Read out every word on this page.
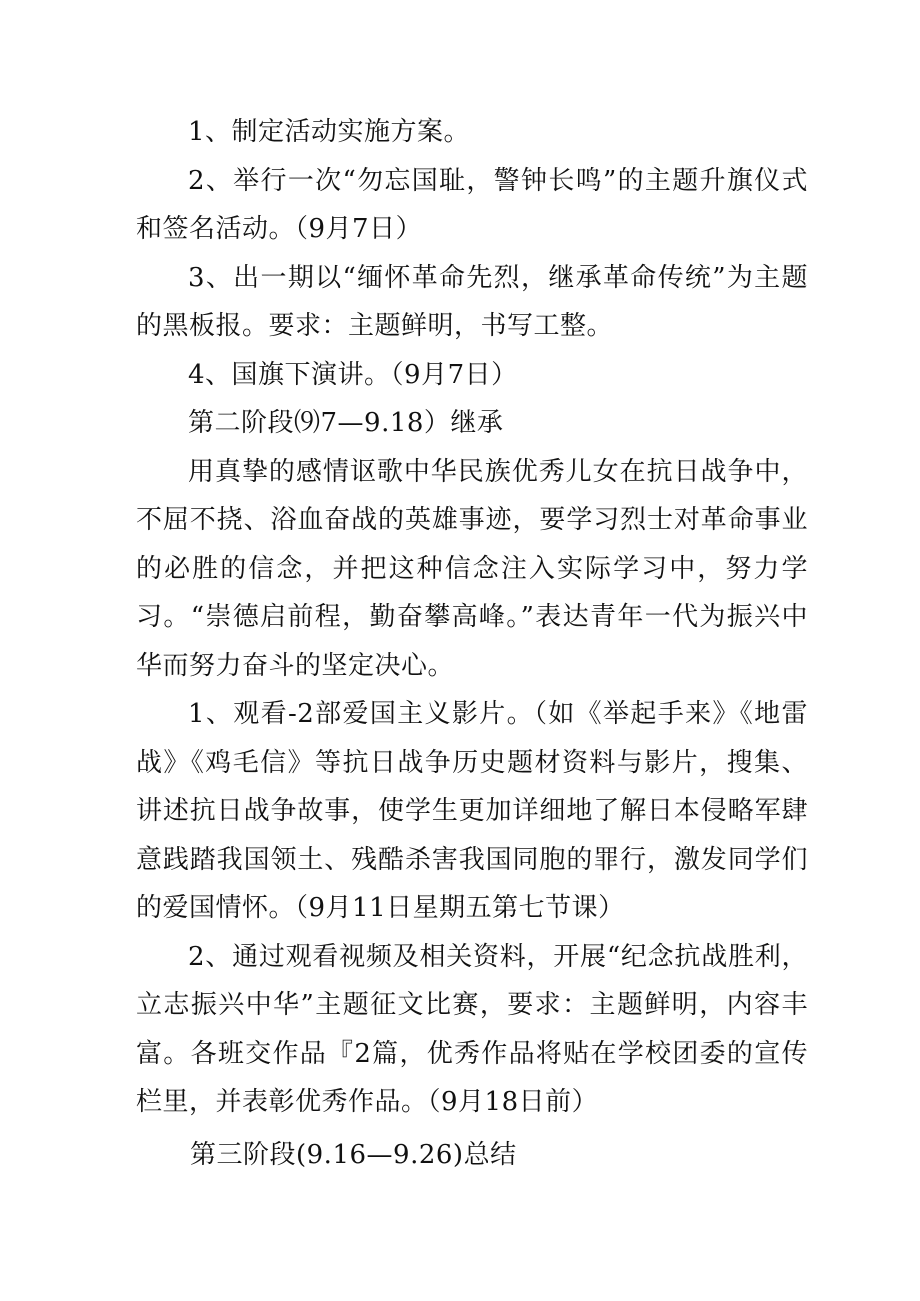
1、制定活动实施方案。

2、举行一次“勿忘国耻，警钟长鸣”的主题升旗仪式和签名活动。（9月7日）

3、出一期以“缅怀革命先烈，继承革命传统”为主题的黑板报。要求：主题鲜明，书写工整。

4、国旗下演讲。（9月7日）

第二阶段⑼7—9.18）继承

用真挚的感情讴歌中华民族优秀儿女在抗日战争中，不屈不挠、浴血奋战的英雄事迹，要学习烈士对革命事业的必胜的信念，并把这种信念注入实际学习中，努力学习。“崇德启前程，勤奋攀高峰。”表达青年一代为振兴中华而努力奋斗的坚定决心。

1、观看-2部爱国主义影片。（如《举起手来》《地雷战》《鸡毛信》等抗日战争历史题材资料与影片，搜集、讲述抗日战争故事，使学生更加详细地了解日本侵略军肆意践踏我国领土、残酷杀害我国同胞的罪行，激发同学们的爱国情怀。（9月11日星期五第七节课）

2、通过观看视频及相关资料，开展“纪念抗战胜利，立志振兴中华”主题征文比赛，要求：主题鲜明，内容丰富。各班交作品『2篇，优秀作品将贴在学校团委的宣传栏里，并表彰优秀作品。（9月18日前）

第三阶段(9.16—9.26)总结
